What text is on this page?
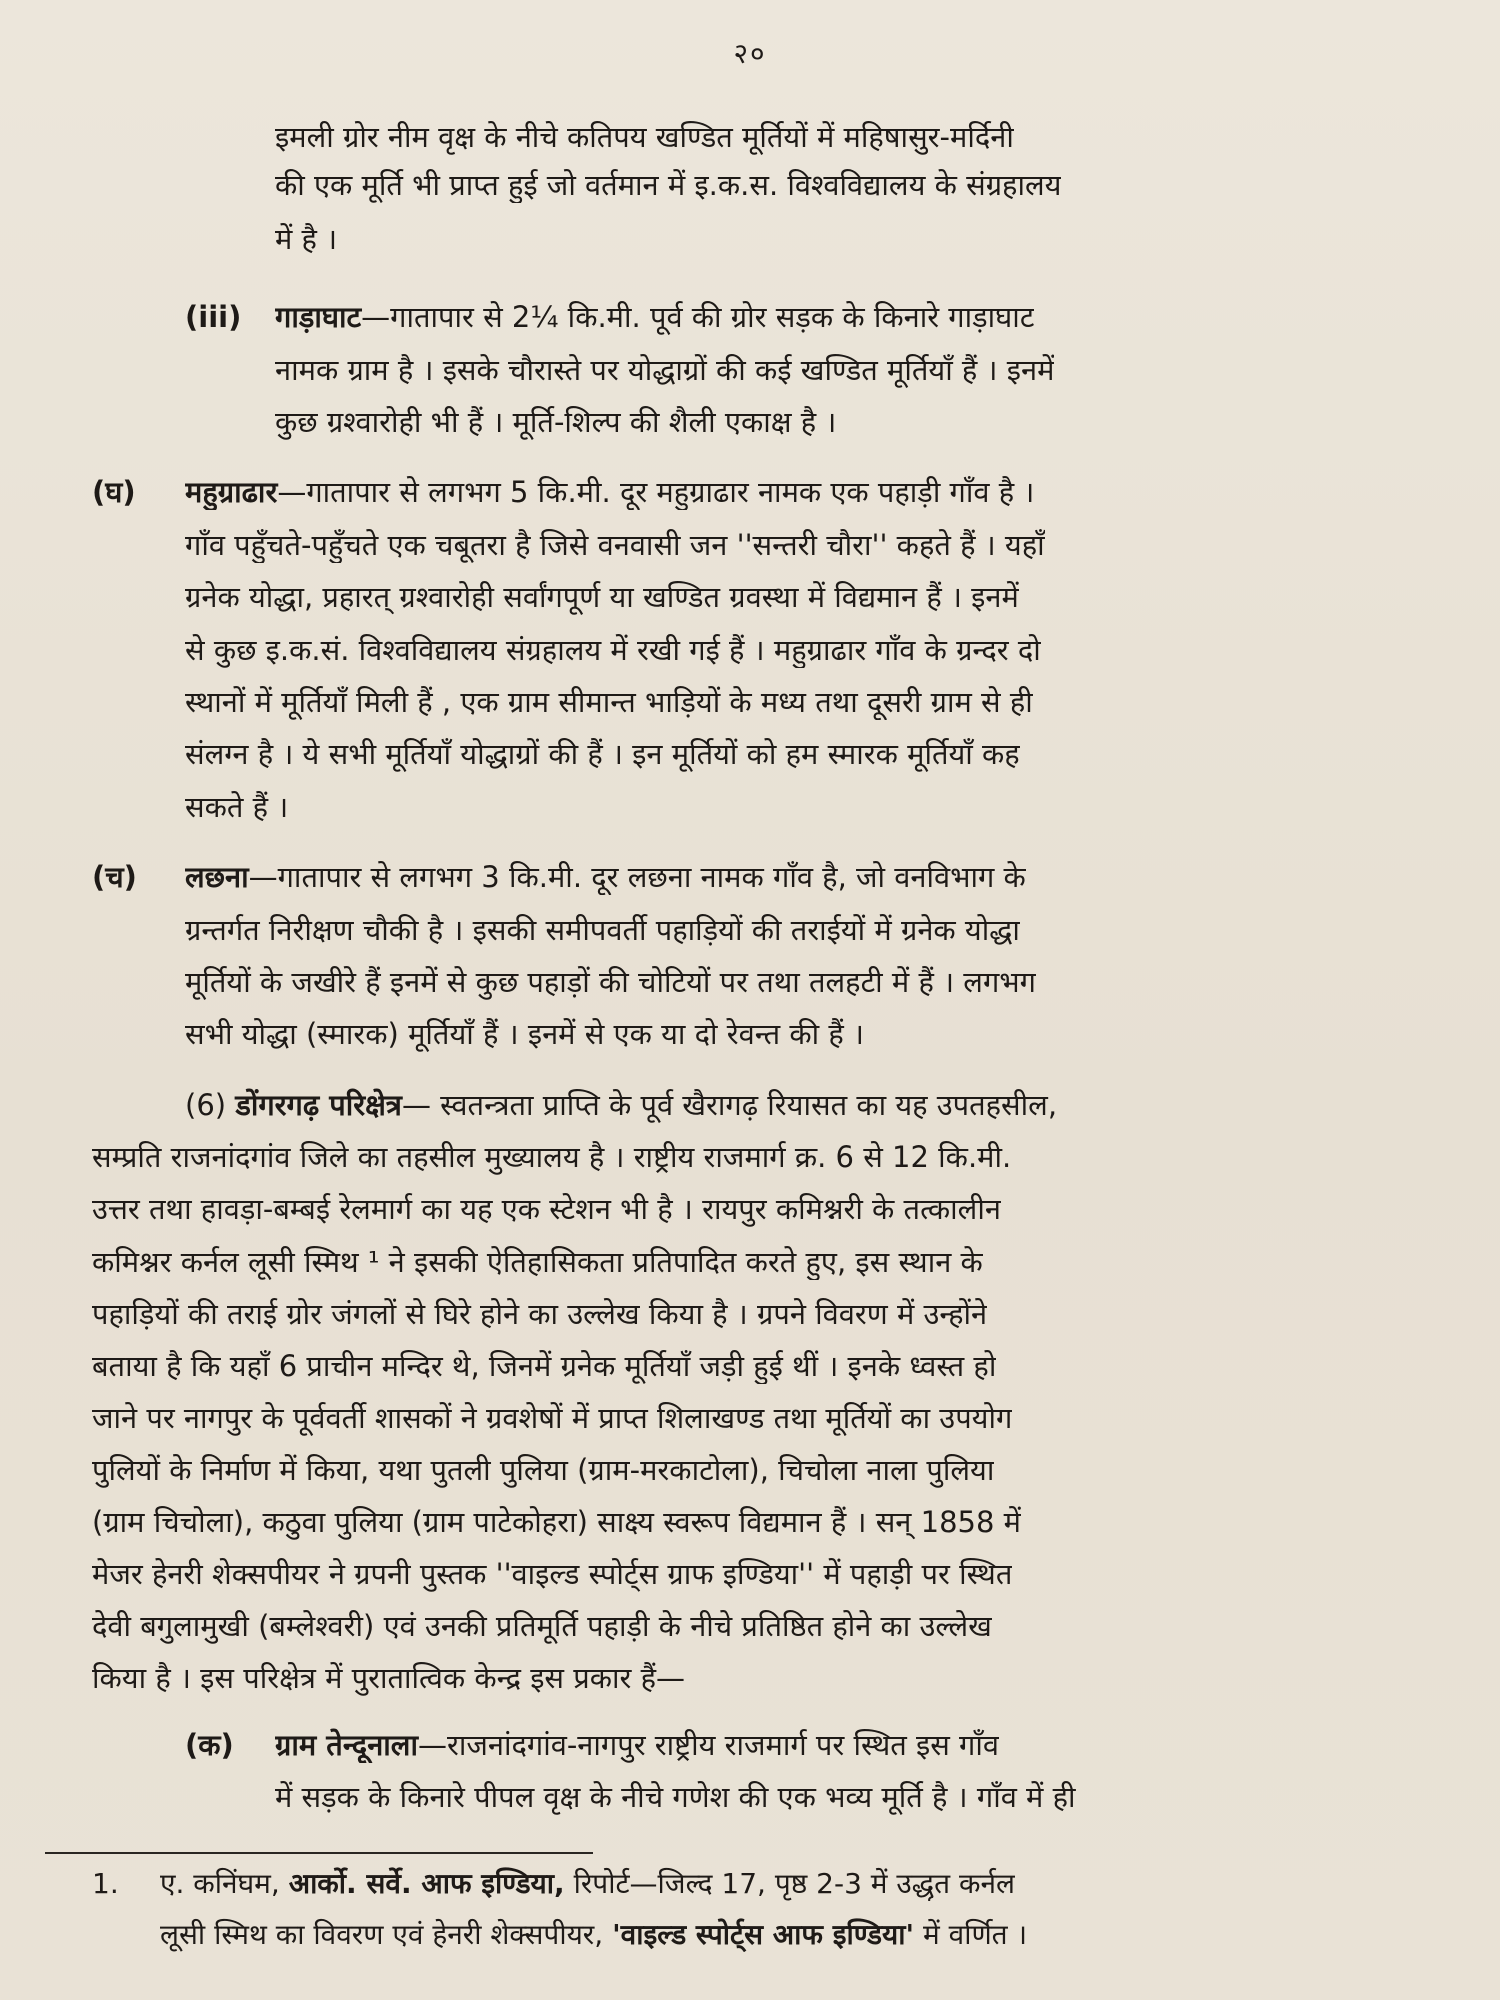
२०
इमली ग्रोर नीम वृक्ष के नीचे कतिपय खण्डित मूर्तियों में महिषासुर-मर्दिनी
की एक मूर्ति भी प्राप्त हुई जो वर्तमान में इ.क.स. विश्वविद्यालय के संग्रहालय
में है ।
(iii) गाड़ाघाट—गातापार से 2¼ कि.मी. पूर्व की ग्रोर सड़क के किनारे गाड़ाघाट
नामक ग्राम है । इसके चौरास्ते पर योद्धाग्रों की कई खण्डित मूर्तियाँ हैं । इनमें
कुछ ग्रश्वारोही भी हैं । मूर्ति-शिल्प की शैली एकाक्ष है ।
(घ) महुग्राढार—गातापार से लगभग 5 कि.मी. दूर महुग्राढार नामक एक पहाड़ी गाँव है ।
गाँव पहुँचते-पहुँचते एक चबूतरा है जिसे वनवासी जन ''सन्तरी चौरा'' कहते हैं । यहाँ
ग्रनेक योद्धा, प्रहारत् ग्रश्वारोही सर्वांगपूर्ण या खण्डित ग्रवस्था में विद्यमान हैं । इनमें
से कुछ इ.क.सं. विश्वविद्यालय संग्रहालय में रखी गई हैं । महुग्राढार गाँव के ग्रन्दर दो
स्थानों में मूर्तियाँ मिली हैं , एक ग्राम सीमान्त भाड़ियों के मध्य तथा दूसरी ग्राम से ही
संलग्न है । ये सभी मूर्तियाँ योद्धाग्रों की हैं । इन मूर्तियों को हम स्मारक मूर्तियाँ कह
सकते हैं ।
(च) लछना—गातापार से लगभग 3 कि.मी. दूर लछना नामक गाँव है, जो वनविभाग के
ग्रन्तर्गत निरीक्षण चौकी है । इसकी समीपवर्ती पहाड़ियों की तराईयों में ग्रनेक योद्धा
मूर्तियों के जखीरे हैं इनमें से कुछ पहाड़ों की चोटियों पर तथा तलहटी में हैं । लगभग
सभी योद्धा (स्मारक) मूर्तियाँ हैं । इनमें से एक या दो रेवन्त की हैं ।
(6) डोंगरगढ़ परिक्षेत्र— स्वतन्त्रता प्राप्ति के पूर्व खैरागढ़ रियासत का यह उपतहसील,
सम्प्रति राजनांदगांव जिले का तहसील मुख्यालय है । राष्ट्रीय राजमार्ग क्र. 6 से 12 कि.मी.
उत्तर तथा हावड़ा-बम्बई रेलमार्ग का यह एक स्टेशन भी है । रायपुर कमिश्नरी के तत्कालीन
कमिश्नर कर्नल लूसी स्मिथ ¹ ने इसकी ऐतिहासिकता प्रतिपादित करते हुए, इस स्थान के
पहाड़ियों की तराई ग्रोर जंगलों से घिरे होने का उल्लेख किया है । ग्रपने विवरण में उन्होंने
बताया है कि यहाँ 6 प्राचीन मन्दिर थे, जिनमें ग्रनेक मूर्तियाँ जड़ी हुई थीं । इनके ध्वस्त हो
जाने पर नागपुर के पूर्ववर्ती शासकों ने ग्रवशेषों में प्राप्त शिलाखण्ड तथा मूर्तियों का उपयोग
पुलियों के निर्माण में किया, यथा पुतली पुलिया (ग्राम-मरकाटोला), चिचोला नाला पुलिया
(ग्राम चिचोला), कठुवा पुलिया (ग्राम पाटेकोहरा) साक्ष्य स्वरूप विद्यमान हैं । सन् 1858 में
मेजर हेनरी शेक्सपीयर ने ग्रपनी पुस्तक ''वाइल्ड स्पोर्ट्स ग्राफ इण्डिया'' में पहाड़ी पर स्थित
देवी बगुलामुखी (बम्लेश्वरी) एवं उनकी प्रतिमूर्ति पहाड़ी के नीचे प्रतिष्ठित होने का उल्लेख
किया है । इस परिक्षेत्र में पुरातात्विक केन्द्र इस प्रकार हैं—
(क) ग्राम तेन्दूनाला—राजनांदगांव-नागपुर राष्ट्रीय राजमार्ग पर स्थित इस गाँव
में सड़क के किनारे पीपल वृक्ष के नीचे गणेश की एक भव्य मूर्ति है । गाँव में ही
1. ए. कनिंघम, आर्को. सर्वे. आफ इण्डिया, रिपोर्ट—जिल्द 17, पृष्ठ 2-3 में उद्धृत कर्नल
लूसी स्मिथ का विवरण एवं हेनरी शेक्सपीयर, 'वाइल्ड स्पोर्ट्स आफ इण्डिया' में वर्णित ।
